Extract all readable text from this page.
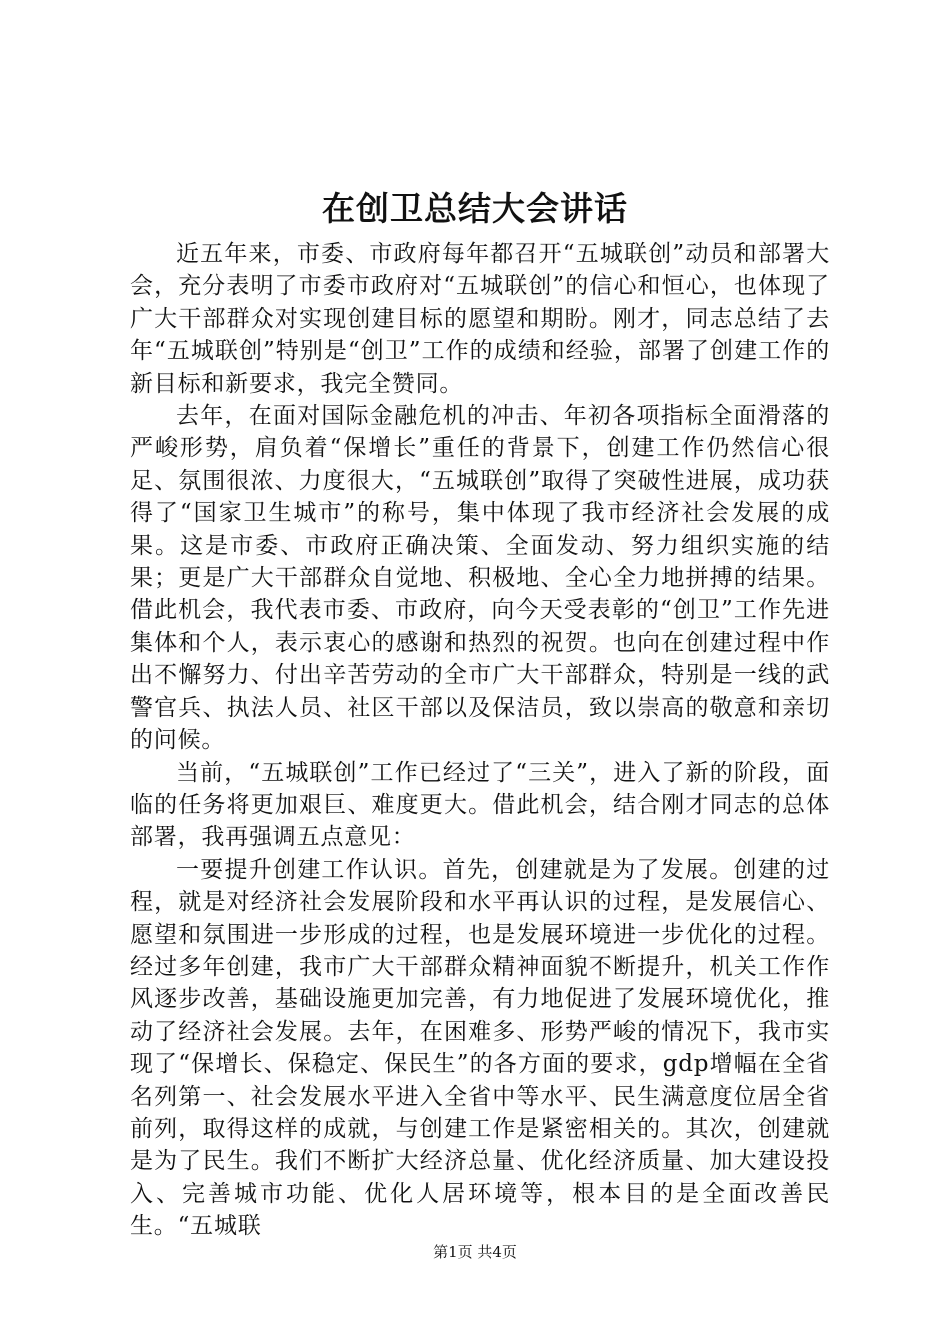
在创卫总结大会讲话

近五年来，市委、市政府每年都召开“五城联创”动员和部署大会，充分表明了市委市政府对“五城联创”的信心和恒心，也体现了广大干部群众对实现创建目标的愿望和期盼。刚才，同志总结了去年“五城联创”特别是“创卫”工作的成绩和经验，部署了创建工作的新目标和新要求，我完全赞同。

去年，在面对国际金融危机的冲击、年初各项指标全面滑落的严峻形势，肩负着“保增长”重任的背景下，创建工作仍然信心很足、氛围很浓、力度很大，“五城联创”取得了突破性进展，成功获得了“国家卫生城市”的称号，集中体现了我市经济社会发展的成果。这是市委、市政府正确决策、全面发动、努力组织实施的结果；更是广大干部群众自觉地、积极地、全心全力地拼搏的结果。借此机会，我代表市委、市政府，向今天受表彰的“创卫”工作先进集体和个人，表示衷心的感谢和热烈的祝贺。也向在创建过程中作出不懈努力、付出辛苦劳动的全市广大干部群众，特别是一线的武警官兵、执法人员、社区干部以及保洁员，致以崇高的敬意和亲切的问候。

当前，“五城联创”工作已经过了“三关”，进入了新的阶段，面临的任务将更加艰巨、难度更大。借此机会，结合刚才同志的总体部署，我再强调五点意见：

一要提升创建工作认识。首先，创建就是为了发展。创建的过程，就是对经济社会发展阶段和水平再认识的过程，是发展信心、愿望和氛围进一步形成的过程，也是发展环境进一步优化的过程。经过多年创建，我市广大干部群众精神面貌不断提升，机关工作作风逐步改善，基础设施更加完善，有力地促进了发展环境优化，推动了经济社会发展。去年，在困难多、形势严峻的情况下，我市实现了“保增长、保稳定、保民生”的各方面的要求，gdp增幅在全省名列第一、社会发展水平进入全省中等水平、民生满意度位居全省前列，取得这样的成就，与创建工作是紧密相关的。其次，创建就是为了民生。我们不断扩大经济总量、优化经济质量、加大建设投入、完善城市功能、优化人居环境等，根本目的是全面改善民生。“五城联

第1页 共4页
